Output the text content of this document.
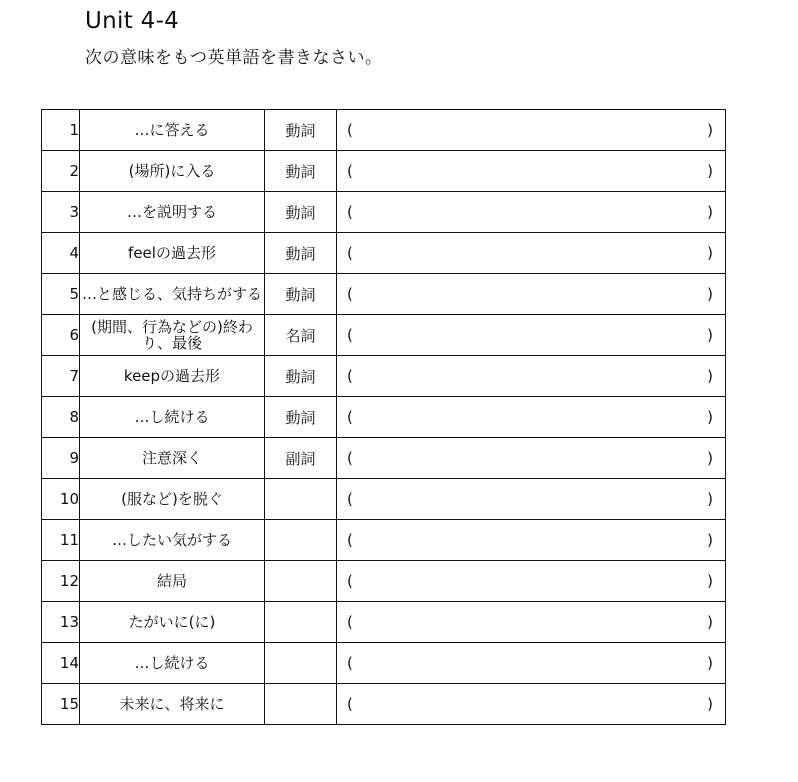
Unit 4-4
次の意味をもつ英単語を書きなさい。
1	…に答える	動詞	( )

2	(場所)に入る	動詞	( )

3	…を説明する	動詞	( )

4	feelの過去形	動詞	( )

5	…と感じる、気持ちがする	動詞	( )

6	(期間、行為などの)終わり、最後	名詞	( )

7	keepの過去形	動詞	( )

8	…し続ける	動詞	( )

9	注意深く	副詞	( )

10	(服など)を脱ぐ		( )

11	…したい気がする		( )

12	結局		( )

13	たがいに(に)		( )

14	…し続ける		( )

15	未来に、将来に		( )
